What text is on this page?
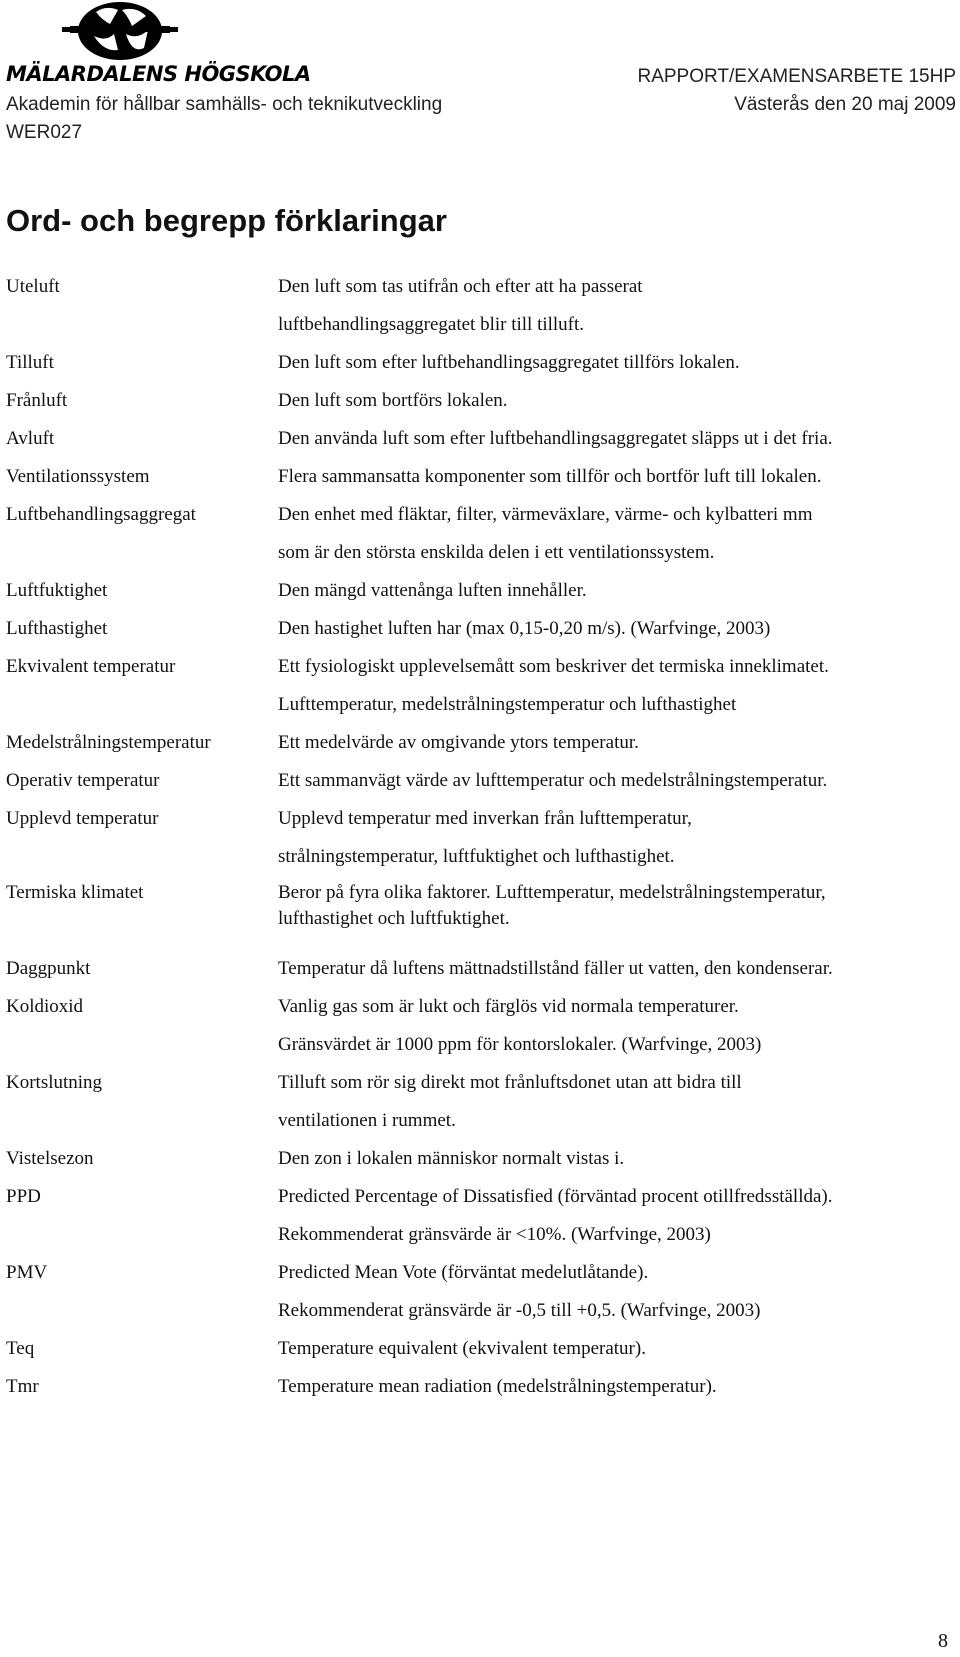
MÄLARDALENS HÖGSKOLA
Akademin för hållbar samhälls- och teknikutveckling
WER027
RAPPORT/EXAMENSARBETE 15HP
Västerås den 20 maj 2009
Ord- och begrepp förklaringar
Uteluft	Den luft som tas utifrån och efter att ha passerat
luftbehandlingsaggregatet blir till tilluft.
Tilluft	Den luft som efter luftbehandlingsaggregatet tillförs lokalen.
Frånluft	Den luft som bortförs lokalen.
Avluft	Den använda luft som efter luftbehandlingsaggregatet släpps ut i det fria.
Ventilationssystem	Flera sammansatta komponenter som tillför och bortför luft till lokalen.
Luftbehandlingsaggregat	Den enhet med fläktar, filter, värmeväxlare, värme- och kylbatteri mm
som är den största enskilda delen i ett ventilationssystem.
Luftfuktighet	Den mängd vattenånga luften innehåller.
Lufthastighet	Den hastighet luften har (max 0,15-0,20 m/s). (Warfvinge, 2003)
Ekvivalent temperatur	Ett fysiologiskt upplevelsemått som beskriver det termiska inneklimatet.
Lufttemperatur, medelstrålningstemperatur och lufthastighet
Medelstrålningstemperatur	Ett medelvärde av omgivande ytors temperatur.
Operativ temperatur	Ett sammanvägt värde av lufttemperatur och medelstrålningstemperatur.
Upplevd temperatur	Upplevd temperatur med inverkan från lufttemperatur,
strålningstemperatur, luftfuktighet och lufthastighet.
Termiska klimatet	Beror på fyra olika faktorer. Lufttemperatur, medelstrålningstemperatur,
lufthastighet och luftfuktighet.
Daggpunkt	Temperatur då luftens mättnadstillstånd fäller ut vatten, den kondenserar.
Koldioxid	Vanlig gas som är lukt och färglös vid normala temperaturer.
Gränsvärdet är 1000 ppm för kontorslokaler. (Warfvinge, 2003)
Kortslutning	Tilluft som rör sig direkt mot frånluftsdonet utan att bidra till
ventilationen i rummet.
Vistelsezon	Den zon i lokalen människor normalt vistas i.
PPD	Predicted Percentage of Dissatisfied (förväntad procent otillfredsställda).
Rekommenderat gränsvärde är <10%. (Warfvinge, 2003)
PMV	Predicted Mean Vote (förväntat medelutlåtande).
Rekommenderat gränsvärde är -0,5 till +0,5. (Warfvinge, 2003)
Teq	Temperature equivalent (ekvivalent temperatur).
Tmr	Temperature mean radiation (medelstrålningstemperatur).
8
